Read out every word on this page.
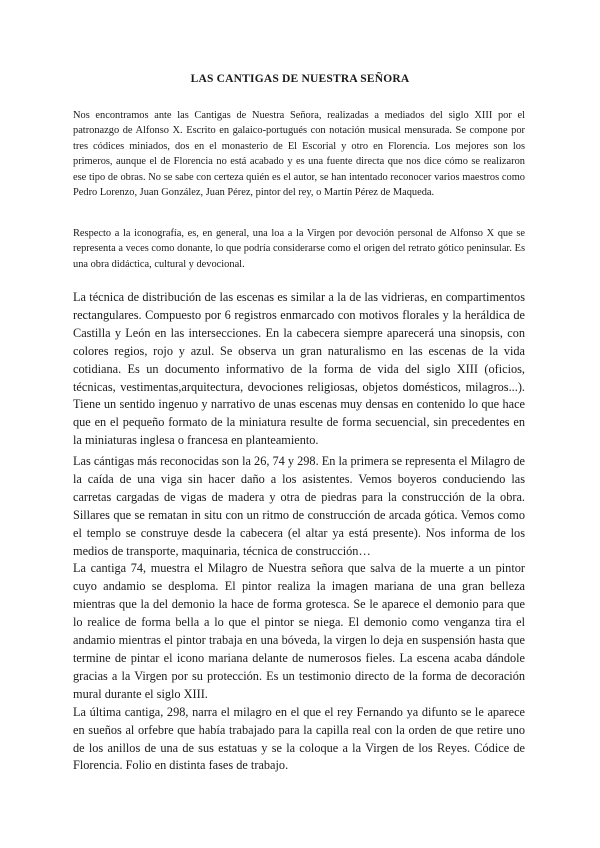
LAS CANTIGAS DE NUESTRA SEÑORA

Nos encontramos ante las Cantigas de Nuestra Señora, realizadas a mediados del siglo XIII por el patronazgo de Alfonso X. Escrito en galaico-portugués con notación musical mensurada. Se compone por tres códices miniados, dos en el monasterio de El Escorial y otro en Florencia. Los mejores son los primeros, aunque el de Florencia no está acabado y es una fuente directa que nos dice cómo se realizaron ese tipo de obras. No se sabe con certeza quién es el autor, se han intentado reconocer varios maestros como Pedro Lorenzo, Juan González, Juan Pérez, pintor del rey, o Martín Pérez de Maqueda.

Respecto a la iconografía, es, en general, una loa a la Virgen por devoción personal de Alfonso X que se representa a veces como donante, lo que podría considerarse como el origen del retrato gótico peninsular. Es una obra didáctica, cultural y devocional.

La técnica de distribución de las escenas es similar a la de las vidrieras, en compartimentos rectangulares. Compuesto por 6 registros enmarcado con motivos florales y la heráldica de Castilla y León en las intersecciones. En la cabecera siempre aparecerá una sinopsis, con colores regios, rojo y azul. Se observa un gran naturalismo en las escenas de la vida cotidiana. Es un documento informativo de la forma de vida del siglo XIII (oficios, técnicas, vestimentas,arquitectura, devociones religiosas, objetos domésticos, milagros...). Tiene un sentido ingenuo y narrativo de unas escenas muy densas en contenido lo que hace que en el pequeño formato de la miniatura resulte de forma secuencial, sin precedentes en la miniaturas inglesa o francesa en planteamiento.

Las cántigas más reconocidas son la 26, 74 y 298. En la primera se representa el Milagro de la caída de una viga sin hacer daño a los asistentes. Vemos boyeros conduciendo las carretas cargadas de vigas de madera y otra de piedras para la construcción de la obra. Sillares que se rematan in situ con un ritmo de construcción de arcada gótica. Vemos como el templo se construye desde la cabecera (el altar ya está presente). Nos informa de los medios de transporte, maquinaria, técnica de construcción…
La cantiga 74, muestra el Milagro de Nuestra señora que salva de la muerte a un pintor cuyo andamio se desploma. El pintor realiza la imagen mariana de una gran belleza mientras que la del demonio la hace de forma grotesca. Se le aparece el demonio para que lo realice de forma bella a lo que el pintor se niega. El demonio como venganza tira el andamio mientras el pintor trabaja en una bóveda, la virgen lo deja en suspensión hasta que termine de pintar el icono mariana delante de numerosos fieles. La escena acaba dándole gracias a la Virgen por su protección. Es un testimonio directo de la forma de decoración mural durante el siglo XIII.
La última cantiga, 298, narra el milagro en el que el rey Fernando ya difunto se le aparece en sueños al orfebre que había trabajado para la capilla real con la orden de que retire uno de los anillos de una de sus estatuas y se la coloque a la Virgen de los Reyes. Códice de Florencia. Folio en distinta fases de trabajo.
